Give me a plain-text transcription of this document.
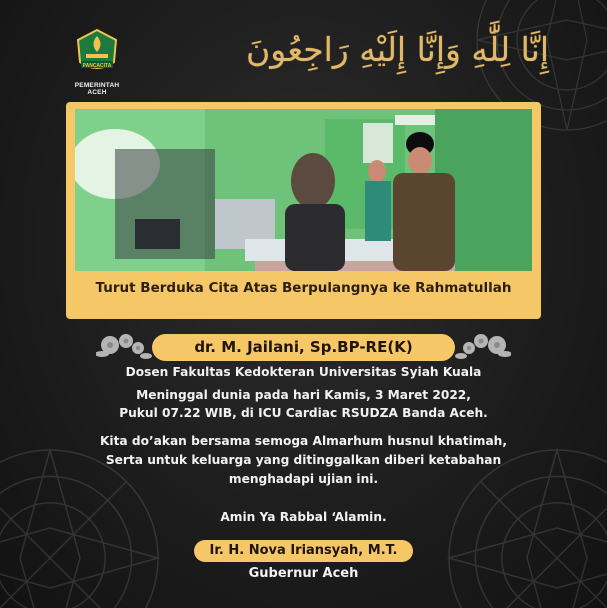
PANCACITA
PEMERINTAH ACEH
إِنَّا لِلَّٰهِ وَإِنَّا إِلَيْهِ رَاجِعُونَ
Turut Berduka Cita Atas Berpulangnya ke Rahmatullah
dr. M. Jailani, Sp.BP-RE(K)
Dosen Fakultas Kedokteran Universitas Syiah Kuala
Meninggal dunia pada hari Kamis, 3 Maret 2022,
Pukul 07.22 WIB, di ICU Cardiac RSUDZA Banda Aceh.
Kita do’akan bersama semoga Almarhum husnul khatimah,
Serta untuk keluarga yang ditinggalkan diberi ketabahan
menghadapi ujian ini.
Amin Ya Rabbal ‘Alamin.
Ir. H. Nova Iriansyah, M.T.
Gubernur Aceh
